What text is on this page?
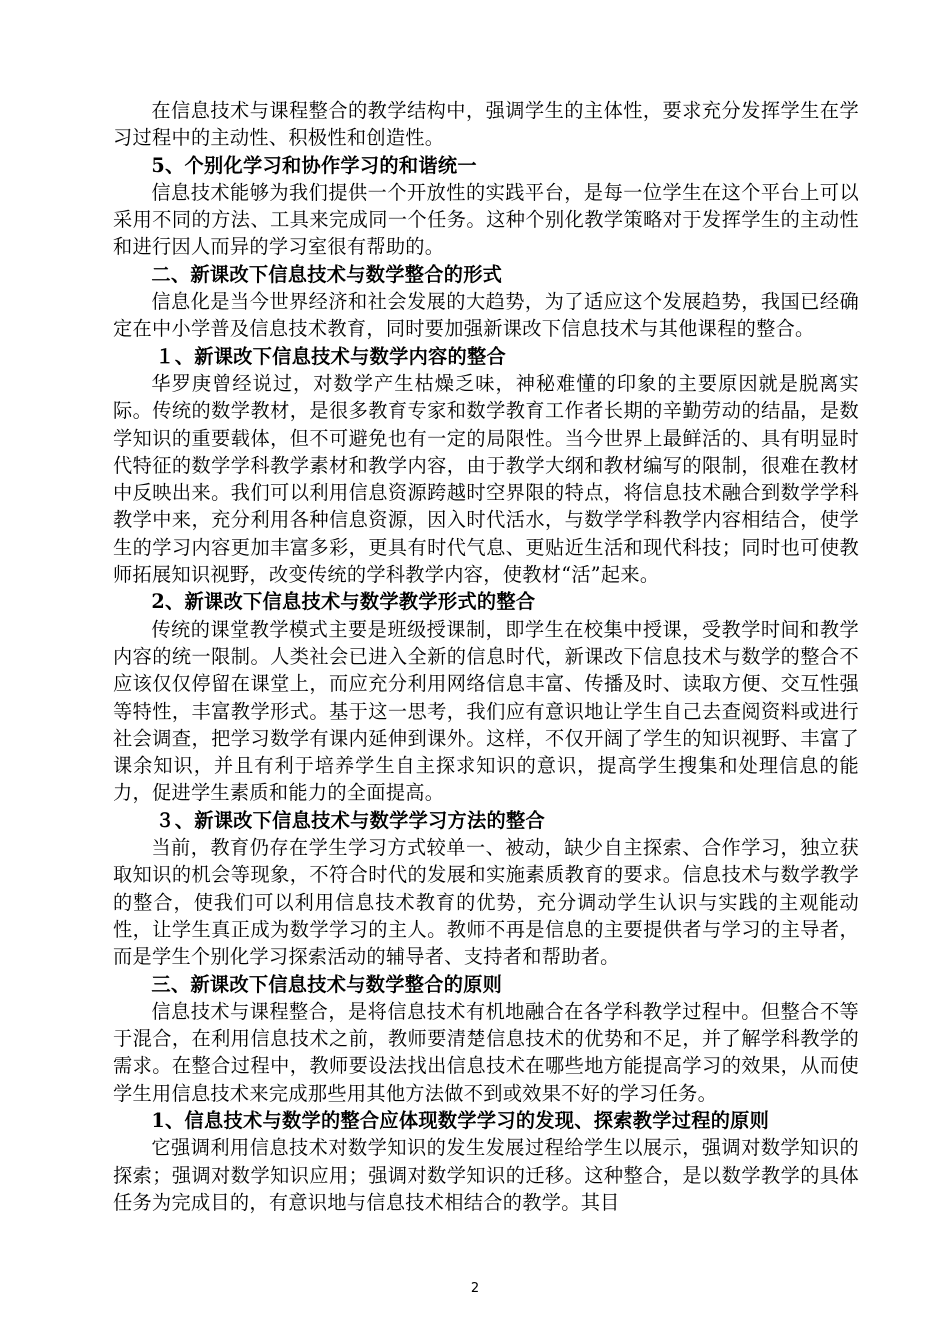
在信息技术与课程整合的教学结构中，强调学生的主体性，要求充分发挥学生在学习过程中的主动性、积极性和创造性。

5、个别化学习和协作学习的和谐统一

信息技术能够为我们提供一个开放性的实践平台，是每一位学生在这个平台上可以采用不同的方法、工具来完成同一个任务。这种个别化教学策略对于发挥学生的主动性和进行因人而异的学习室很有帮助的。

二、新课改下信息技术与数学整合的形式

信息化是当今世界经济和社会发展的大趋势，为了适应这个发展趋势，我国已经确定在中小学普及信息技术教育，同时要加强新课改下信息技术与其他课程的整合。

１、新课改下信息技术与数学内容的整合

华罗庚曾经说过，对数学产生枯燥乏味，神秘难懂的印象的主要原因就是脱离实际。传统的数学教材，是很多教育专家和数学教育工作者长期的辛勤劳动的结晶，是数学知识的重要载体，但不可避免也有一定的局限性。当今世界上最鲜活的、具有明显时代特征的数学学科教学素材和教学内容，由于教学大纲和教材编写的限制，很难在教材中反映出来。我们可以利用信息资源跨越时空界限的特点，将信息技术融合到数学学科教学中来，充分利用各种信息资源，因入时代活水，与数学学科教学内容相结合，使学生的学习内容更加丰富多彩，更具有时代气息、更贴近生活和现代科技；同时也可使教师拓展知识视野，改变传统的学科教学内容，使教材“活”起来。

2、新课改下信息技术与数学教学形式的整合

传统的课堂教学模式主要是班级授课制，即学生在校集中授课，受教学时间和教学内容的统一限制。人类社会已进入全新的信息时代，新课改下信息技术与数学的整合不应该仅仅停留在课堂上，而应充分利用网络信息丰富、传播及时、读取方便、交互性强等特性，丰富教学形式。基于这一思考，我们应有意识地让学生自己去查阅资料或进行社会调查，把学习数学有课内延伸到课外。这样，不仅开阔了学生的知识视野、丰富了课余知识，并且有利于培养学生自主探求知识的意识，提高学生搜集和处理信息的能力，促进学生素质和能力的全面提高。

３、新课改下信息技术与数学学习方法的整合

当前，教育仍存在学生学习方式较单一、被动，缺少自主探索、合作学习，独立获取知识的机会等现象，不符合时代的发展和实施素质教育的要求。信息技术与数学教学的整合，使我们可以利用信息技术教育的优势，充分调动学生认识与实践的主观能动性，让学生真正成为数学学习的主人。教师不再是信息的主要提供者与学习的主导者，而是学生个别化学习探索活动的辅导者、支持者和帮助者。

三、新课改下信息技术与数学整合的原则

信息技术与课程整合，是将信息技术有机地融合在各学科教学过程中。但整合不等于混合，在利用信息技术之前，教师要清楚信息技术的优势和不足，并了解学科教学的需求。在整合过程中，教师要设法找出信息技术在哪些地方能提高学习的效果，从而使学生用信息技术来完成那些用其他方法做不到或效果不好的学习任务。

1、信息技术与数学的整合应体现数学学习的发现、探索教学过程的原则

它强调利用信息技术对数学知识的发生发展过程给学生以展示，强调对数学知识的探索；强调对数学知识应用；强调对数学知识的迁移。这种整合，是以数学教学的具体任务为完成目的，有意识地与信息技术相结合的教学。其目

2
